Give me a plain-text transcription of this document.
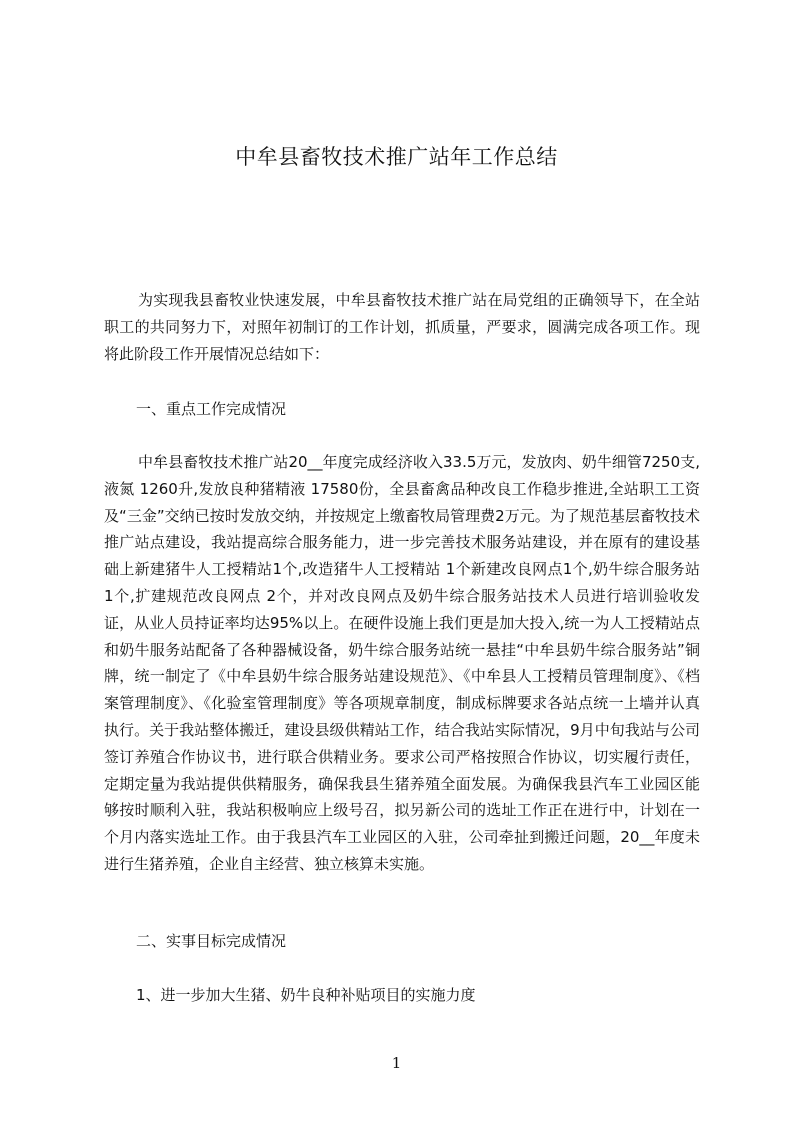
中牟县畜牧技术推广站年工作总结

为实现我县畜牧业快速发展，中牟县畜牧技术推广站在局党组的正确领导下，在全站职工的共同努力下，对照年初制订的工作计划，抓质量，严要求，圆满完成各项工作。现将此阶段工作开展情况总结如下：

一、重点工作完成情况

中牟县畜牧技术推广站20__年度完成经济收入33.5万元，发放肉、奶牛细管7250支,液氮 1260升,发放良种猪精液 17580份，全县畜禽品种改良工作稳步推进,全站职工工资及“三金”交纳已按时发放交纳，并按规定上缴畜牧局管理费2万元。为了规范基层畜牧技术推广站点建设，我站提高综合服务能力，进一步完善技术服务站建设，并在原有的建设基础上新建猪牛人工授精站1个,改造猪牛人工授精站 1个新建改良网点1个,奶牛综合服务站 1个,扩建规范改良网点 2个，并对改良网点及奶牛综合服务站技术人员进行培训验收发证，从业人员持证率均达95%以上。在硬件设施上我们更是加大投入,统一为人工授精站点和奶牛服务站配备了各种器械设备，奶牛综合服务站统一悬挂“中牟县奶牛综合服务站”铜牌，统一制定了《中牟县奶牛综合服务站建设规范》、《中牟县人工授精员管理制度》、《档案管理制度》、《化验室管理制度》等各项规章制度，制成标牌要求各站点统一上墙并认真执行。关于我站整体搬迁，建设县级供精站工作，结合我站实际情况，9月中旬我站与公司签订养殖合作协议书，进行联合供精业务。要求公司严格按照合作协议，切实履行责任，定期定量为我站提供供精服务，确保我县生猪养殖全面发展。为确保我县汽车工业园区能够按时顺利入驻，我站积极响应上级号召，拟另新公司的选址工作正在进行中，计划在一个月内落实选址工作。由于我县汽车工业园区的入驻，公司牵扯到搬迁问题，20__年度未进行生猪养殖，企业自主经营、独立核算未实施。

二、实事目标完成情况

1、进一步加大生猪、奶牛良种补贴项目的实施力度

1
